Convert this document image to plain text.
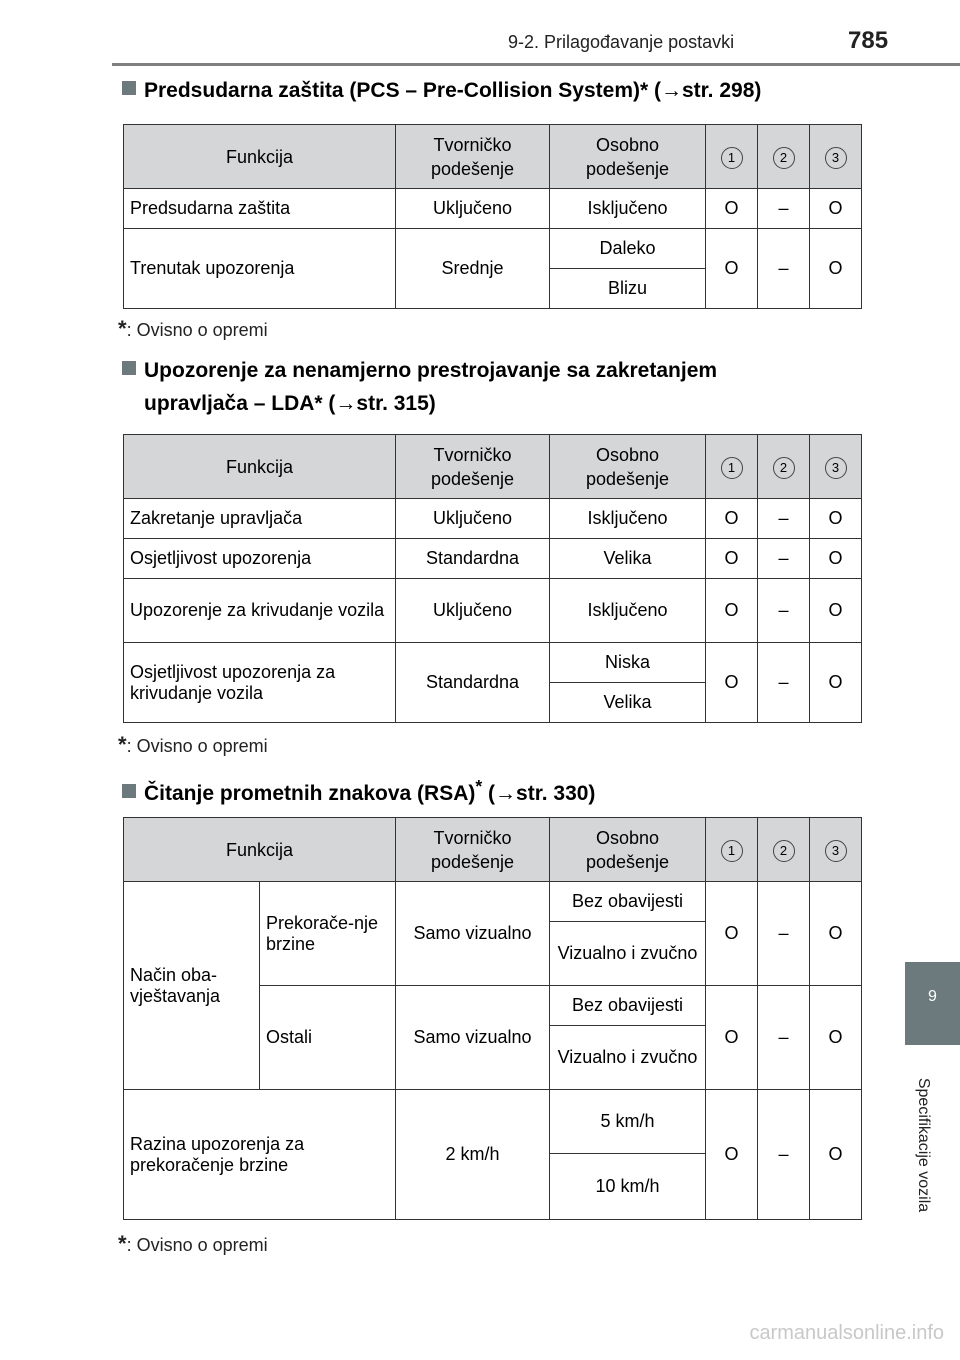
9-2. Prilagođavanje postavki	785
9
Specifikacije vozila
Predsudarna zaštita (PCS – Pre-Collision System)* (→str. 298)
Funkcija	Tvorničko podešenje	Osobno podešenje	1	2	3
Predsudarna zaštita	Uključeno	Isključeno	O	–	O
Trenutak upozorenja	Srednje	Daleko	O	–	O
		Blizu			
*: Ovisno o opremi
Upozorenje za nenamjerno prestrojavanje sa zakretanjem
upravljača – LDA* (→str. 315)
Funkcija	Tvorničko podešenje	Osobno podešenje	1	2	3
Zakretanje upravljača	Uključeno	Isključeno	O	–	O
Osjetljivost upozorenja	Standardna	Velika	O	–	O
Upozorenje za krivudanje vozila	Uključeno	Isključeno	O	–	O
Osjetljivost upozorenja za krivudanje vozila	Standardna	Niska	O	–	O
		Velika			
*: Ovisno o opremi
Čitanje prometnih znakova (RSA)* (→str. 330)
Funkcija		Tvorničko podešenje	Osobno podešenje	1	2	3
Način oba-vještavanja	Prekorače-nje brzine	Samo vizualno	Bez obavijesti	O	–	O
			Vizualno i zvučno			
	Ostali	Samo vizualno	Bez obavijesti	O	–	O
			Vizualno i zvučno			
Razina upozorenja za prekoračenje brzine		2 km/h	5 km/h	O	–	O
			10 km/h			
*: Ovisno o opremi
carmanualsonline.info
